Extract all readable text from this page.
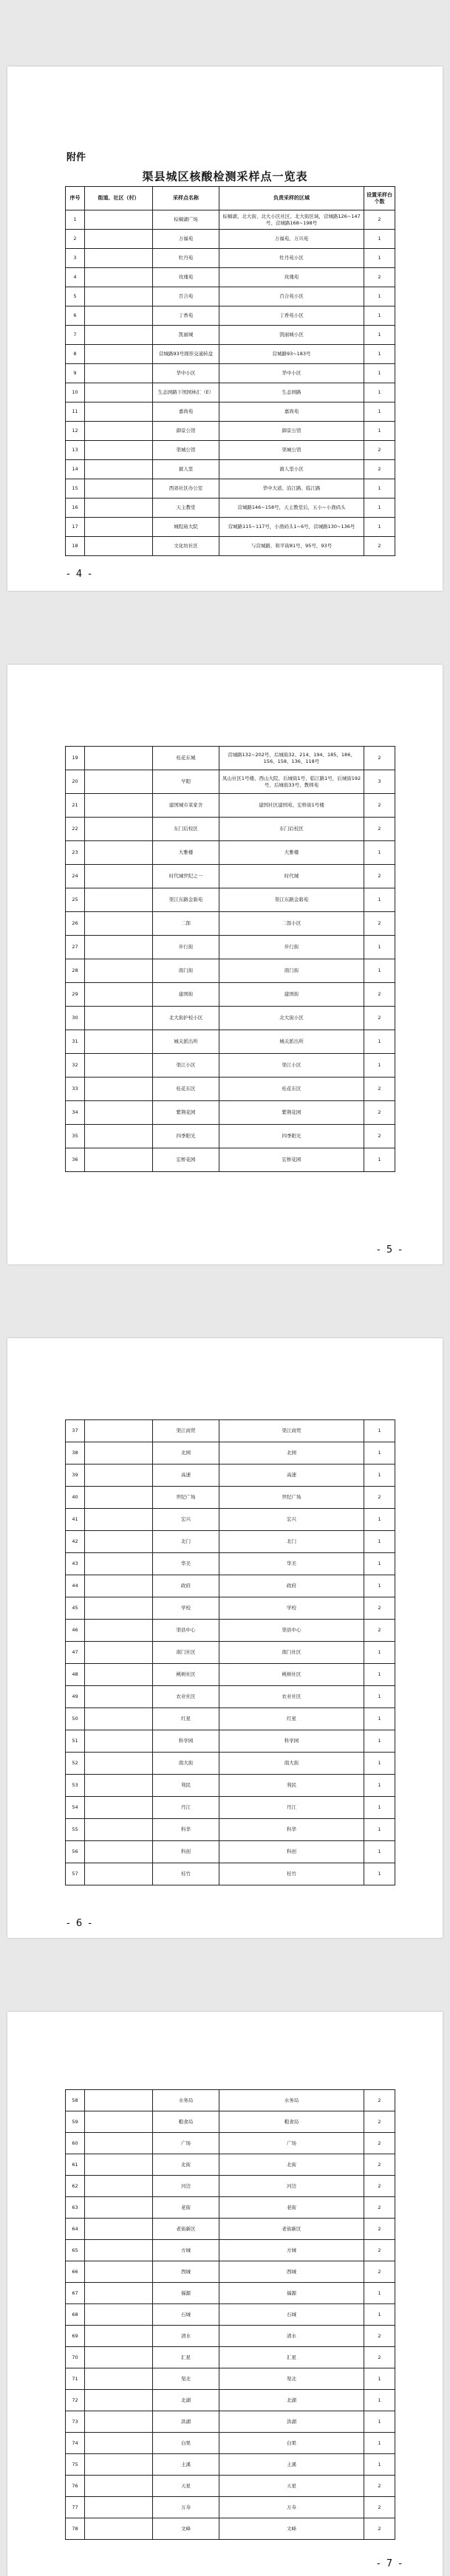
附件
渠县城区核酸检测采样点一览表
序号	街道、社区（村）	采样点名称	负责采样的区域	设置采样台个数
1		棕榈湖广场	棕榈湖、北大街、北大小区社区、北大街区域，营城路126~147号、营城路168~198号	2
2		万福苑	万福苑、万兴苑	1
3		牡丹苑	牡丹苑小区	1
4		玫瑰苑	玫瑰苑	2
5		百合苑	百合苑小区	1
6		丁香苑	丁香苑小区	1
7		凯丽城	凯丽城小区	1
8		营城路93号圆形交通转盘	营城路93~183号	1
9		华中小区	华中小区	1
10		生态园路下坝园林汇（E）	生态园路	1
11		嘉尚苑	嘉尚苑	1
12		御景公馆	御景公馆	1
13		渠城公馆	渠城公馆	2
14		賨人里	賨人里小区	2
15		西郊社区办公室	华中大道、沿江路、临江路	1
16		天主教堂	营城路146~158号，天主教堂后，五小~小渔码头	1
17		城隍庙大院	营城路115~117号，小渔码头1~6号，营城路130~136号	1
18		文化坊社区	与营城路，和平街81号，95号，93号	2
- 4 -
19		桂花东城	营城路132~202号，后城街32、214、194、185、186、156、158、136、118号	2
20		早阳	凤山社区1号楼、西山大院、后城街1号、临江路1号，后城街192号、后城街33号、教师苑	3
21		建国城市菜家舍	建国社区建国苑、宏桥街1号楼	2
22		东门后校区	东门后校区	2
23		大雅楼	大雅楼	1
24		时代城世纪之一	时代城	2
25		渠江东路金碧苑	渠江东路金碧苑	1
26		二郎	二郎小区	2
27		步行街	步行街	1
28		南门街	南门街	1
29		建国街	建国街	2
30		北大街护校小区	北大街小区	2
31		城关派出所	城关派出所	1
32		渠江小区	渠江小区	1
33		桂花东区	桂花东区	2
34		紫荆花园	紫荆花园	2
35		四季阳光	四季阳光	2
36		宏桥花园	宏桥花园	1
- 5 -
37		渠江商贸	渠江商贸	1
38		北园	北园	1
39		高速	高速	1
40		世纪广场	世纪广场	2
41		宏兴	宏兴	1
42		北门	北门	1
43		华美	华美	1
44		政府	政府	1
45		学校	学校	2
46		渠县中心	渠县中心	2
47		南门社区	南门社区	1
48		桃树社区	桃树社区	1
49		农业社区	农业社区	1
50		红星	红星	1
51		科学园	科学园	1
52		南大街	南大街	1
53		利民	利民	1
54		丹江	丹江	1
55		科华	科华	1
56		科创	科创	1
57		桂竹	桂竹	1
- 6 -
58		水务局	水务局	2
59		粮食局	粮食局	2
60		广场	广场	2
61		北街	北街	2
62		河边	河边	2
63		老街	老街	2
64		老街新区	老街新区	2
65		方城	方城	2
66		西城	西城	2
67		福源	福源	1
68		石城	石城	1
69		清水	清水	2
70		汇星	汇星	2
71		渠北	渠北	1
72		北湖	北湖	1
73		洪湖	洪湖	1
74		白果	白果	1
75		土溪	土溪	1
76		天星	天星	2
77		万寿	万寿	2
78		文峰	文峰	2
- 7 -
